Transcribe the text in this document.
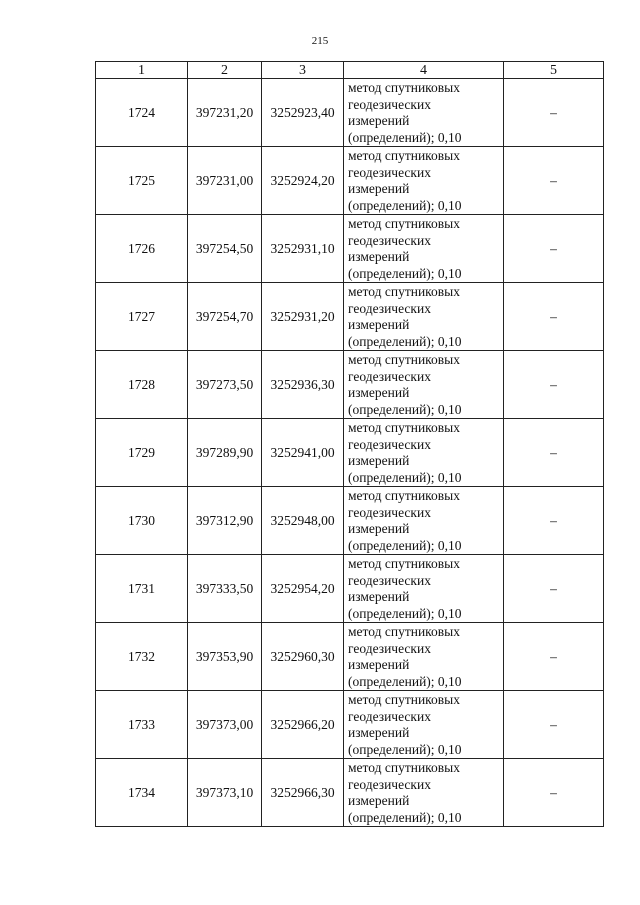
215
1	2	3	4	5
1724	397231,20	3252923,40	метод спутниковых
геодезических
измерений
(определений); 0,10	–
1725	397231,00	3252924,20	метод спутниковых
геодезических
измерений
(определений); 0,10	–
1726	397254,50	3252931,10	метод спутниковых
геодезических
измерений
(определений); 0,10	–
1727	397254,70	3252931,20	метод спутниковых
геодезических
измерений
(определений); 0,10	–
1728	397273,50	3252936,30	метод спутниковых
геодезических
измерений
(определений); 0,10	–
1729	397289,90	3252941,00	метод спутниковых
геодезических
измерений
(определений); 0,10	–
1730	397312,90	3252948,00	метод спутниковых
геодезических
измерений
(определений); 0,10	–
1731	397333,50	3252954,20	метод спутниковых
геодезических
измерений
(определений); 0,10	–
1732	397353,90	3252960,30	метод спутниковых
геодезических
измерений
(определений); 0,10	–
1733	397373,00	3252966,20	метод спутниковых
геодезических
измерений
(определений); 0,10	–
1734	397373,10	3252966,30	метод спутниковых
геодезических
измерений
(определений); 0,10	–
